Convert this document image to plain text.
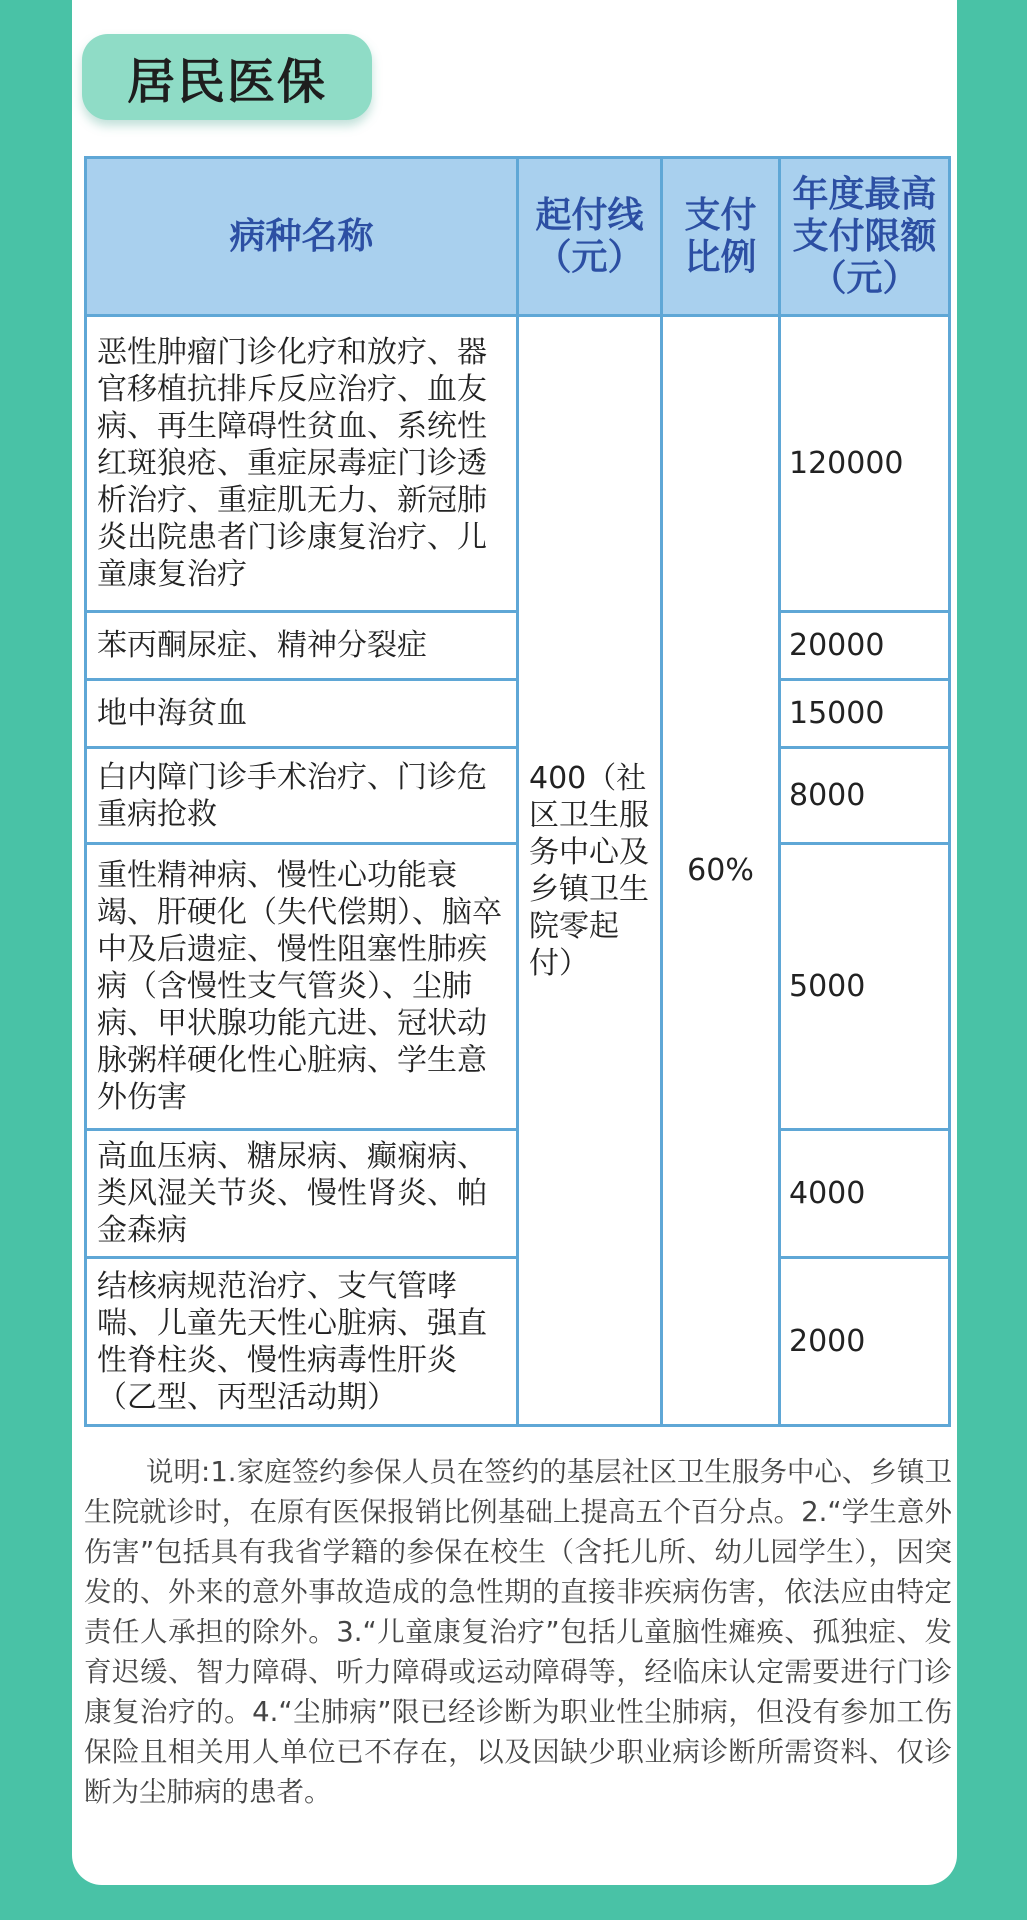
居民医保
病种名称	起付线（元）	支付比例	年度最高支付限额（元）
恶性肿瘤门诊化疗和放疗、器官移植抗排斥反应治疗、血友病、再生障碍性贫血、系统性红斑狼疮、重症尿毒症门诊透析治疗、重症肌无力、新冠肺炎出院患者门诊康复治疗、儿童康复治疗	400（社区卫生服务中心及乡镇卫生院零起付）	60%	120000
苯丙酮尿症、精神分裂症			20000
地中海贫血			15000
白内障门诊手术治疗、门诊危重病抢救			8000
重性精神病、慢性心功能衰竭、肝硬化（失代偿期）、脑卒中及后遗症、慢性阻塞性肺疾病（含慢性支气管炎）、尘肺病、甲状腺功能亢进、冠状动脉粥样硬化性心脏病、学生意外伤害			5000
高血压病、糖尿病、癫痫病、类风湿关节炎、慢性肾炎、帕金森病			4000
结核病规范治疗、支气管哮喘、儿童先天性心脏病、强直性脊柱炎、慢性病毒性肝炎（乙型、丙型活动期）			2000
说明:1.家庭签约参保人员在签约的基层社区卫生服务中心、乡镇卫生院就诊时，在原有医保报销比例基础上提高五个百分点。2.“学生意外伤害”包括具有我省学籍的参保在校生（含托儿所、幼儿园学生），因突发的、外来的意外事故造成的急性期的直接非疾病伤害，依法应由特定责任人承担的除外。3.“儿童康复治疗”包括儿童脑性瘫痪、孤独症、发育迟缓、智力障碍、听力障碍或运动障碍等，经临床认定需要进行门诊康复治疗的。4.“尘肺病”限已经诊断为职业性尘肺病，但没有参加工伤保险且相关用人单位已不存在，以及因缺少职业病诊断所需资料、仅诊断为尘肺病的患者。
